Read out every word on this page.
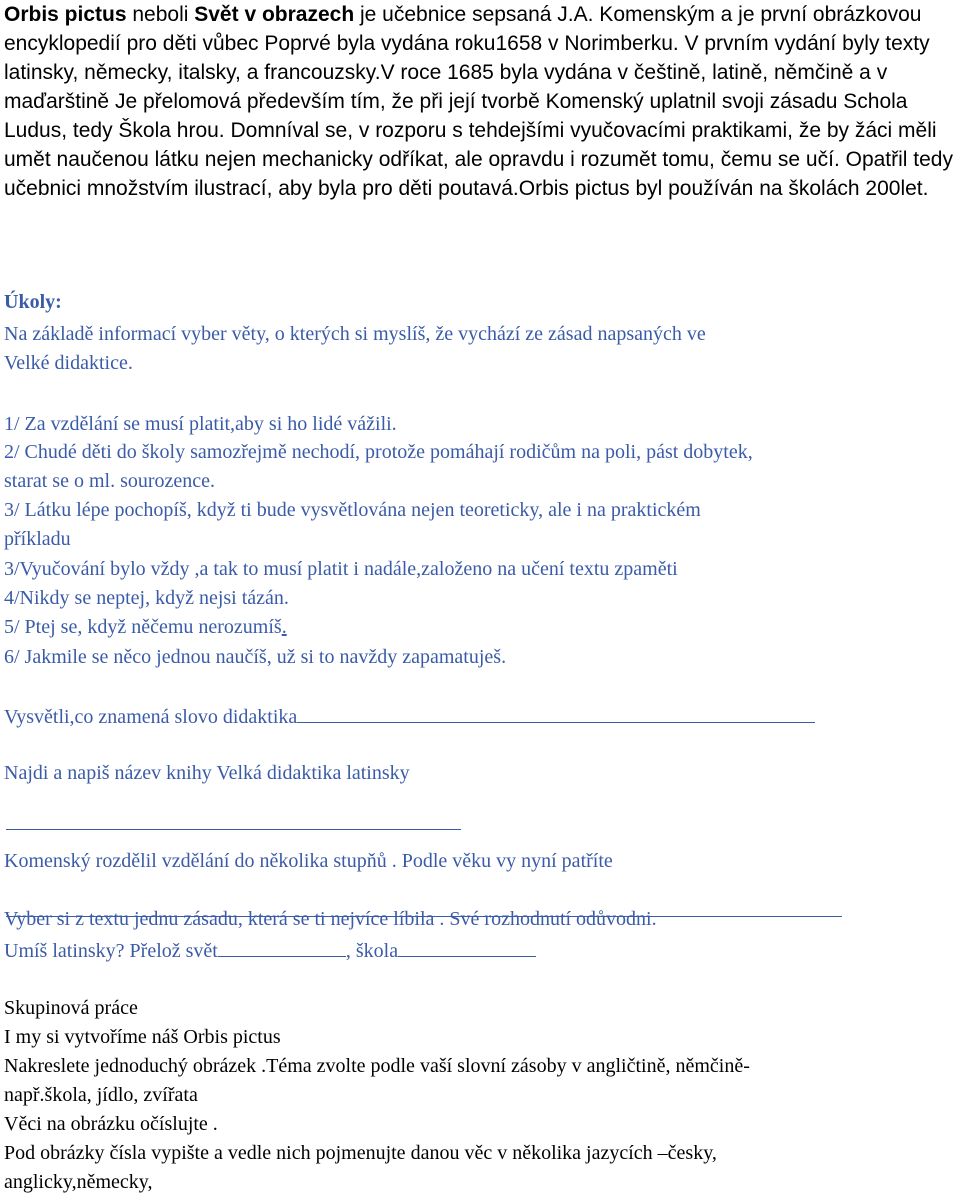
Orbis pictus neboli Svět v obrazech je učebnice sepsaná J.A. Komenským a je první obrázkovou encyklopedií pro děti vůbec Poprvé byla vydána roku1658 v Norimberku. V prvním vydání byly texty latinsky, německy, italsky, a francouzsky.V roce 1685 byla vydána v češtině, latině, němčině a v maďarštině Je přelomová především tím, že při její tvorbě Komenský uplatnil svoji zásadu Schola Ludus, tedy Škola hrou. Domníval se, v rozporu s tehdejšími vyučovacími praktikami, že by žáci měli umět naučenou látku nejen mechanicky odříkat, ale opravdu i rozumět tomu, čemu se učí. Opatřil tedy učebnici množstvím ilustrací, aby byla pro děti poutavá.Orbis pictus byl používán na školách 200let.

Úkoly:

Na základě informací vyber věty, o kterých si myslíš, že vychází ze zásad napsaných ve

Velké didaktice.

1/ Za vzdělání se musí platit,aby si ho lidé vážili.

2/ Chudé děti do školy samozřejmě nechodí, protože pomáhají rodičům na poli, pást dobytek,

starat se o ml. sourozence.

3/ Látku lépe pochopíš, když ti bude vysvětlována nejen teoreticky, ale i na praktickém

příkladu

3/Vyučování bylo vždy ,a tak to musí platit i nadále,založeno na učení textu zpaměti

4/Nikdy se neptej, když nejsi tázán.

5/ Ptej se, když něčemu nerozumíš.

6/ Jakmile se něco jednou naučíš, už si to navždy zapamatuješ.

Vysvětli,co znamená slovo didaktika

Najdi a napiš název knihy Velká didaktika latinsky

Komenský rozdělil vzdělání do několika stupňů . Podle věku vy nyní patříte

Vyber si z textu jednu zásadu, která se ti nejvíce líbila . Své rozhodnutí odůvodni.

Umíš latinsky? Přelož svět	, škola

Skupinová práce

I my si vytvoříme náš Orbis pictus

Nakreslete jednoduchý obrázek .Téma zvolte podle vaší slovní zásoby v angličtině, němčině-

např.škola, jídlo, zvířata

Věci na obrázku očíslujte .

Pod obrázky čísla vypište a vedle nich pojmenujte danou věc v několika jazycích –česky,

anglicky,německy,
